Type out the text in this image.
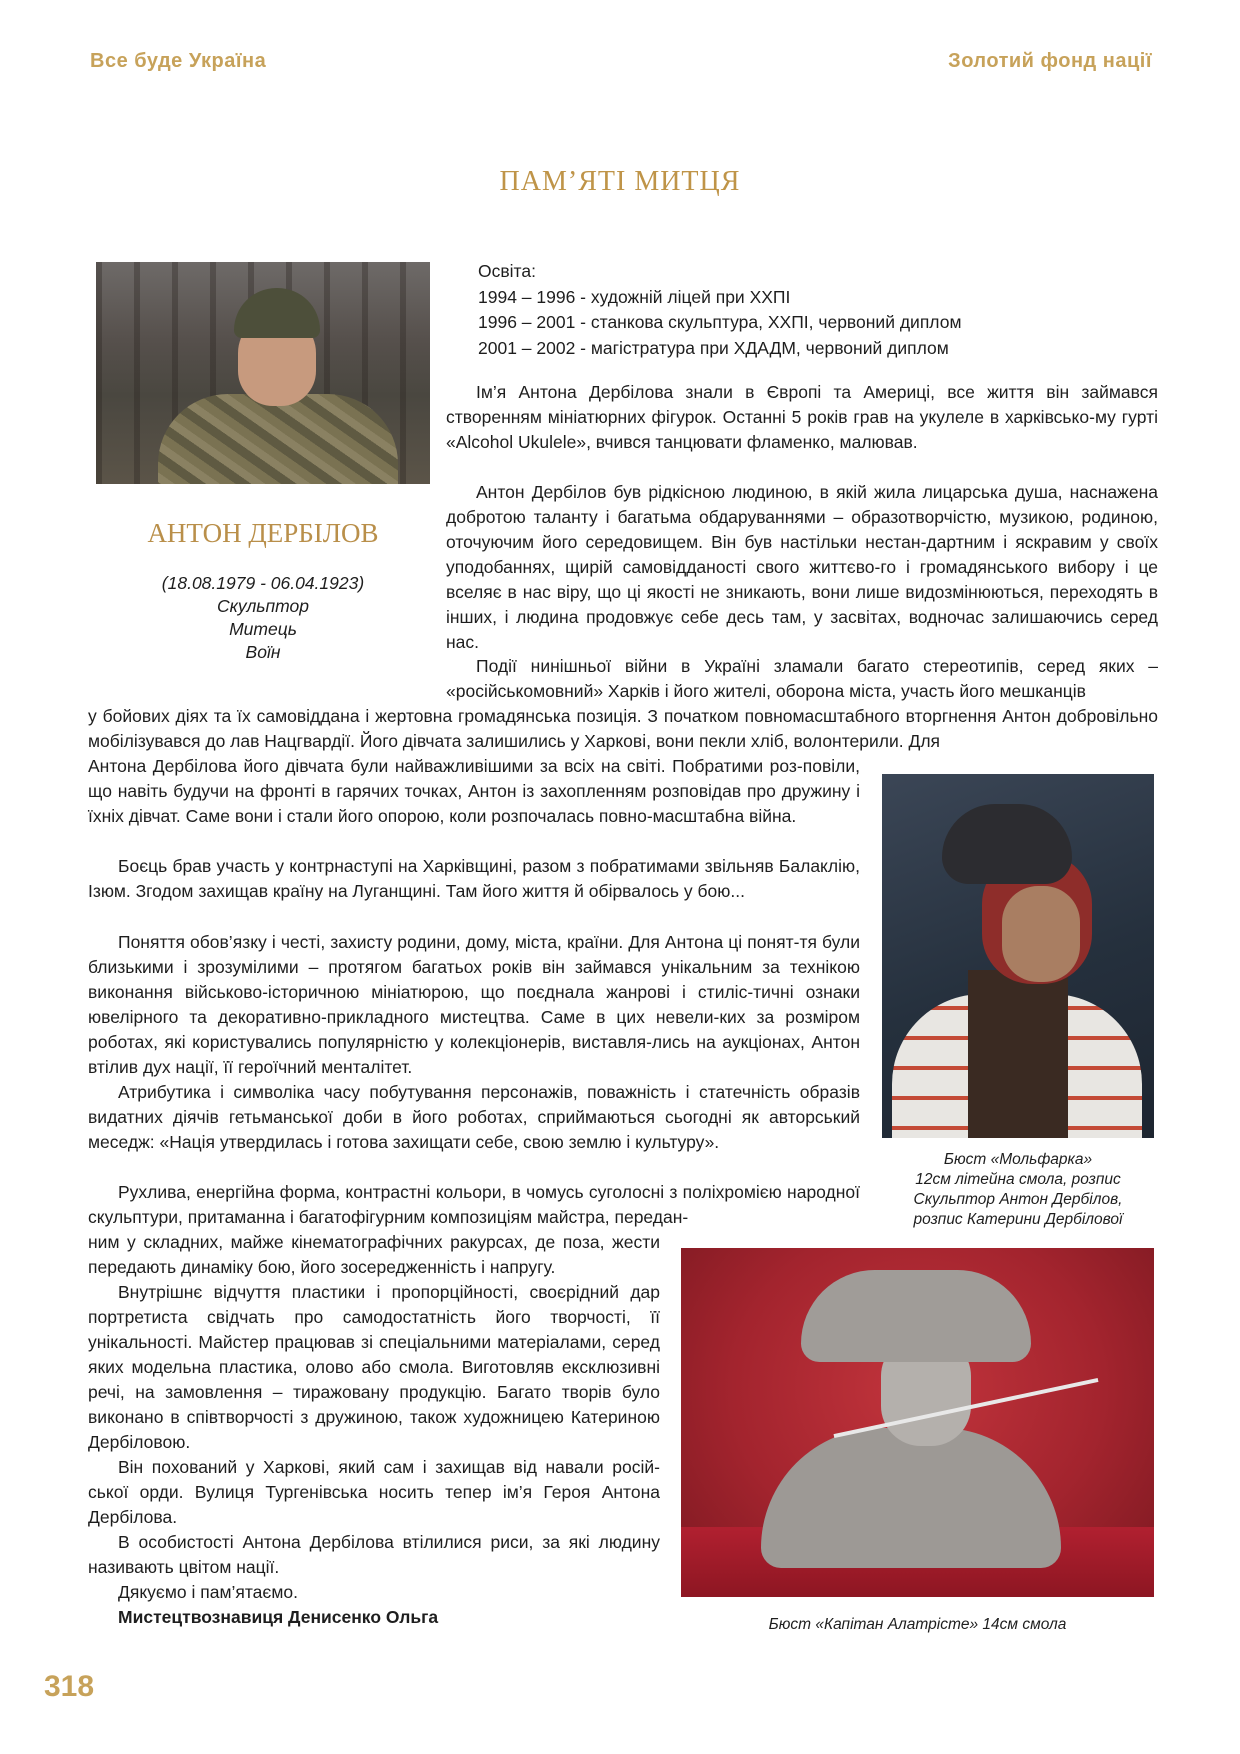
Все буде Україна	Золотий фонд нації
ПАМ’ЯТІ МИТЦЯ
АНТОН ДЕРБІЛОВ
(18.08.1979 - 06.04.1923)
Скульптор
Митець
Воїн
Освіта:
1994 – 1996 - художній ліцей при ХХПІ
1996 – 2001 - станкова скульптура, ХХПІ, червоний диплом
2001 – 2002 - магістратура при ХДАДМ, червоний диплом

Ім’я Антона Дербілова знали в Європі та Америці, все життя він займався створенням мініатюрних фігурок. Останні 5 років грав на укулеле в харківсько-му гурті «Alcohol Ukulele», вчився танцювати фламенко, малював.

Антон Дербілов був рідкісною людиною, в якій жила лицарська душа, наснажена добротою таланту і багатьма обдаруваннями – образотворчістю, музикою, родиною, оточуючим його середовищем. Він був настільки нестан-дартним і яскравим у своїх уподобаннях, щирій самовідданості свого життєво-го і громадянського вибору і це вселяє в нас віру, що ці якості не зникають, вони лише видозмінюються, переходять в інших, і людина продовжує себе десь там, у засвітах, водночас залишаючись серед нас.

Події нинішньої війни в Україні зламали багато стереотипів, серед яких – «російськомовний» Харків і його жителі, оборона міста, участь його мешканців

у бойових діях та їх самовіддана і жертовна громадянська позиція. З початком повномасштабного вторгнення Антон добровільно мобілізувався до лав Нацгвардії. Його дівчата залишились у Харкові, вони пекли хліб, волонтерили. Для

Антона Дербілова його дівчата були найважливішими за всіх на світі. Побратими роз-повіли, що навіть будучи на фронті в гарячих точках, Антон із захопленням розповідав про дружину і їхніх дівчат. Саме вони і стали його опорою, коли розпочалась повно-масштабна війна.

Боєць брав участь у контрнаступі на Харківщині, разом з побратимами звільняв Балаклію, Ізюм. Згодом захищав країну на Луганщині. Там його життя й обірвалось у бою...

Поняття обов’язку і честі, захисту родини, дому, міста, країни. Для Антона ці понят-тя були близькими і зрозумілими – протягом багатьох років він займався унікальним за технікою виконання військово-історичною мініатюрою, що поєднала жанрові і стиліс-тичні ознаки ювелірного та декоративно-прикладного мистецтва. Саме в цих невели-ких за розміром роботах, які користувались популярністю у колекціонерів, виставля-лись на аукціонах, Антон втілив дух нації, її героїчний менталітет.

Атрибутика і символіка часу побутування персонажів, поважність і статечність образів видатних діячів гетьманської доби в його роботах, сприймаються сьогодні як авторський меседж: «Нація утвердилась і готова захищати себе, свою землю і культуру».

Рухлива, енергійна форма, контрастні кольори, в чомусь суголосні з поліхромією народної скульптури, притаманна і багатофігурним композиціям майстра, передан-

ним у складних, майже кінематографічних ракурсах, де поза, жести передають динаміку бою, його зосередженність і напругу.

Внутрішнє відчуття пластики і пропорційності, своєрідний дар портретиста свідчать про самодостатність його творчості, її унікальності. Майстер працював зі спеціальними матеріалами, серед яких модельна пластика, олово або смола. Виготовляв ексклюзивні речі, на замовлення – тиражовану продукцію. Багато творів було виконано в співтворчості з дружиною, також художницею Катериною Дербіловою.

Він похований у Харкові, який сам і захищав від навали росій-ської орди. Вулиця Тургенівська носить тепер ім’я Героя Антона Дербілова.

В особистості Антона Дербілова втілилися риси, за які людину називають цвітом нації.

Дякуємо і пам’ятаємо.

Мистецтвознавиця Денисенко Ольга

Бюст «Мольфарка»
12см літейна смола, розпис
Скульптор Антон Дербілов,
розпис Катерини Дербілової
Бюст «Капітан Алатрісте» 14см смола
318
